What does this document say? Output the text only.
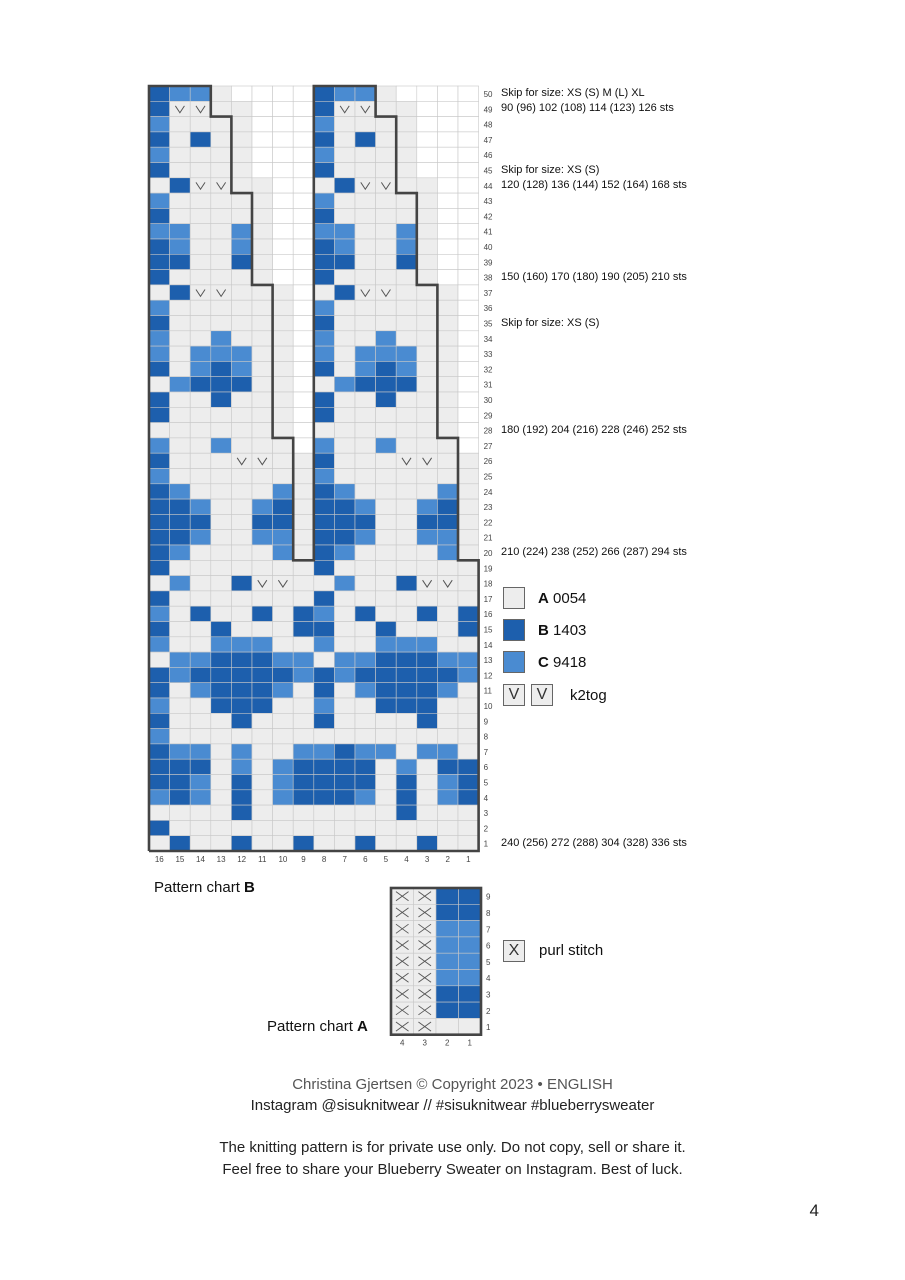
50
49
48
47
46
45
44
43
42
41
40
39
38
37
36
35
34
33
32
31
30
29
28
27
26
25
24
23
22
21
20
19
18
17
16
15
14
13
12
11
10
9
8
7
6
5
4
3
2
1
16 15 14 13 12 11 10 9 8 7 6 5 4 3 2 1
9
8
7
6
5
4
3
2
1
4 3 2 1
Skip for size: XS (S) M (L) XL
90 (96) 102 (108) 114 (123) 126 sts
Skip for size: XS (S)
120 (128) 136 (144) 152 (164) 168 sts
150 (160) 170 (180) 190 (205) 210 sts
Skip for size: XS (S)
180 (192) 204 (216) 228 (246) 252 sts
210 (224) 238 (252) 266 (287) 294 sts
240 (256) 272 (288) 304 (328) 336 sts
Pattern chart B
Pattern chart A
A 0054
B 1403
C 9418
V	V	k2tog
X	purl stitch
Christina Gjertsen © Copyright 2023 • ENGLISH
Instagram @sisuknitwear // #sisuknitwear #blueberrysweater
The knitting pattern is for private use only. Do not copy, sell or share it.
Feel free to share your Blueberry Sweater on Instagram. Best of luck.
4
